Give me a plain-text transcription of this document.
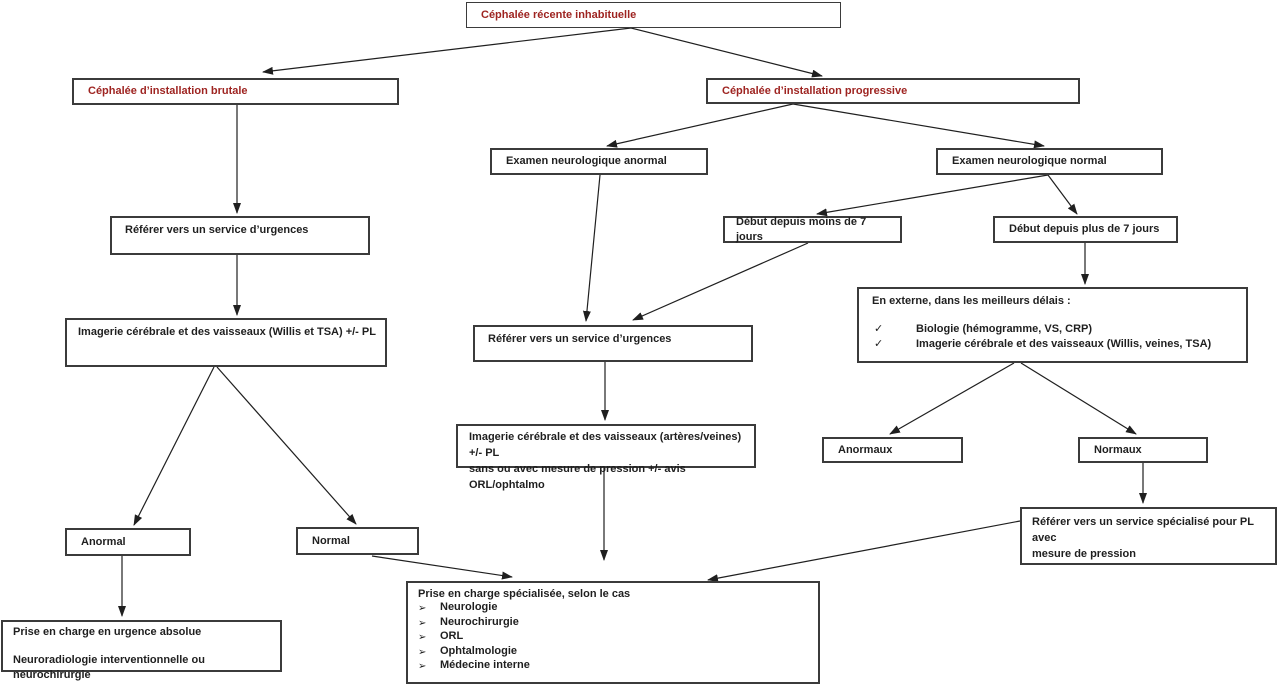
Céphalée récente inhabituelle
Céphalée d’installation brutale	Céphalée d’installation progressive
Examen neurologique anormal	Examen neurologique normal
Début depuis moins de 7 jours
Début depuis plus de 7 jours
Référer vers un service d’urgences
Imagerie cérébrale et des vaisseaux (Willis et TSA) +/- PL
Référer vers un service d’urgences
En externe, dans les meilleurs délais :
✓	Biologie (hémogramme, VS, CRP)
✓	Imagerie cérébrale et des vaisseaux (Willis, veines, TSA)
Imagerie cérébrale et des vaisseaux (artères/veines) +/- PL
sans ou avec mesure de pression +/- avis ORL/ophtalmo
Anormaux	Normaux
Anormal	Normal
Référer vers un service spécialisé pour PL avec
mesure de pression
Prise en charge en urgence absolue
Neuroradiologie interventionnelle ou neurochirurgie
Prise en charge spécialisée, selon le cas
➢	Neurologie
➢	Neurochirurgie
➢	ORL
➢	Ophtalmologie
➢	Médecine interne
